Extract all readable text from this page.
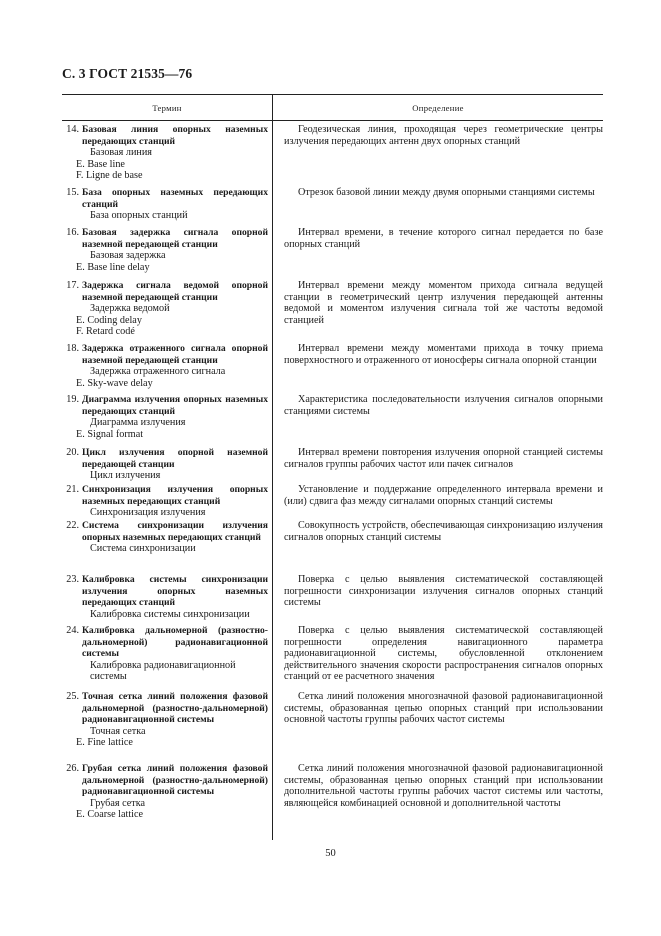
С. 3 ГОСТ 21535—76
Термин	Определение
14. Базовая линия опорных наземных передающих станций
Базовая линия
E. Base line
F. Ligne de base

Геодезическая линия, проходящая через геометрические центры излучения передающих антенн двух опорных станций

15. База опорных наземных передающих станций
База опорных станций

Отрезок базовой линии между двумя опорными станциями системы

16. Базовая задержка сигнала опорной наземной передающей станции
Базовая задержка
E. Base line delay

Интервал времени, в течение которого сигнал передается по базе опорных станций

17. Задержка сигнала ведомой опорной наземной передающей станции
Задержка ведомой
E. Coding delay
F. Retard codé

Интервал времени между моментом прихода сигнала ведущей станции в геометрический центр излучения передающей антенны ведомой и моментом излучения сигнала той же частоты ведомой станцией

18. Задержка отраженного сигнала опорной наземной передающей станции
Задержка отраженного сигнала
E. Sky-wave delay

Интервал времени между моментами прихода в точку приема поверхностного и отраженного от ионосферы сигнала опорной станции

19. Диаграмма излучения опорных наземных передающих станций
Диаграмма излучения
E. Signal format

Характеристика последовательности излучения сигналов опорными станциями системы

20. Цикл излучения опорной наземной передающей станции
Цикл излучения

Интервал времени повторения излучения опорной станцией системы сигналов группы рабочих частот или пачек сигналов

21. Синхронизация излучения опорных наземных передающих станций
Синхронизация излучения

Установление и поддержание определенного интервала времени и (или) сдвига фаз между сигналами опорных станций системы

22. Система синхронизации излучения опорных наземных передающих станций
Система синхронизации

Совокупность устройств, обеспечивающая синхронизацию излучения сигналов опорных станций системы

23. Калибровка системы синхронизации излучения опорных наземных передающих станций
Калибровка системы синхронизации

Поверка с целью выявления систематической составляющей погрешности синхронизации излучения сигналов опорных станций системы

24. Калибровка дальномерной (разностно-дальномерной) радионавигационной системы
Калибровка радионавигационной системы

Поверка с целью выявления систематической составляющей погрешности определения навигационного параметра радионавигационной системы, обусловленной отклонением действительного значения скорости распространения сигналов опорных станций от ее расчетного значения

25. Точная сетка линий положения фазовой дальномерной (разностно-дальномерной) радионавигационной системы
Точная сетка
E. Fine lattice

Сетка линий положения многозначной фазовой радионавигационной системы, образованная цепью опорных станций при использовании основной частоты группы рабочих частот системы

26. Грубая сетка линий положения фазовой дальномерной (разностно-дальномерной) радионавигационной системы
Грубая сетка
E. Coarse lattice

Сетка линий положения многозначной фазовой радионавигационной системы, образованная цепью опорных станций при использовании дополнительной частоты группы рабочих частот системы или частоты, являющейся комбинацией основной и дополнительной частоты

50
